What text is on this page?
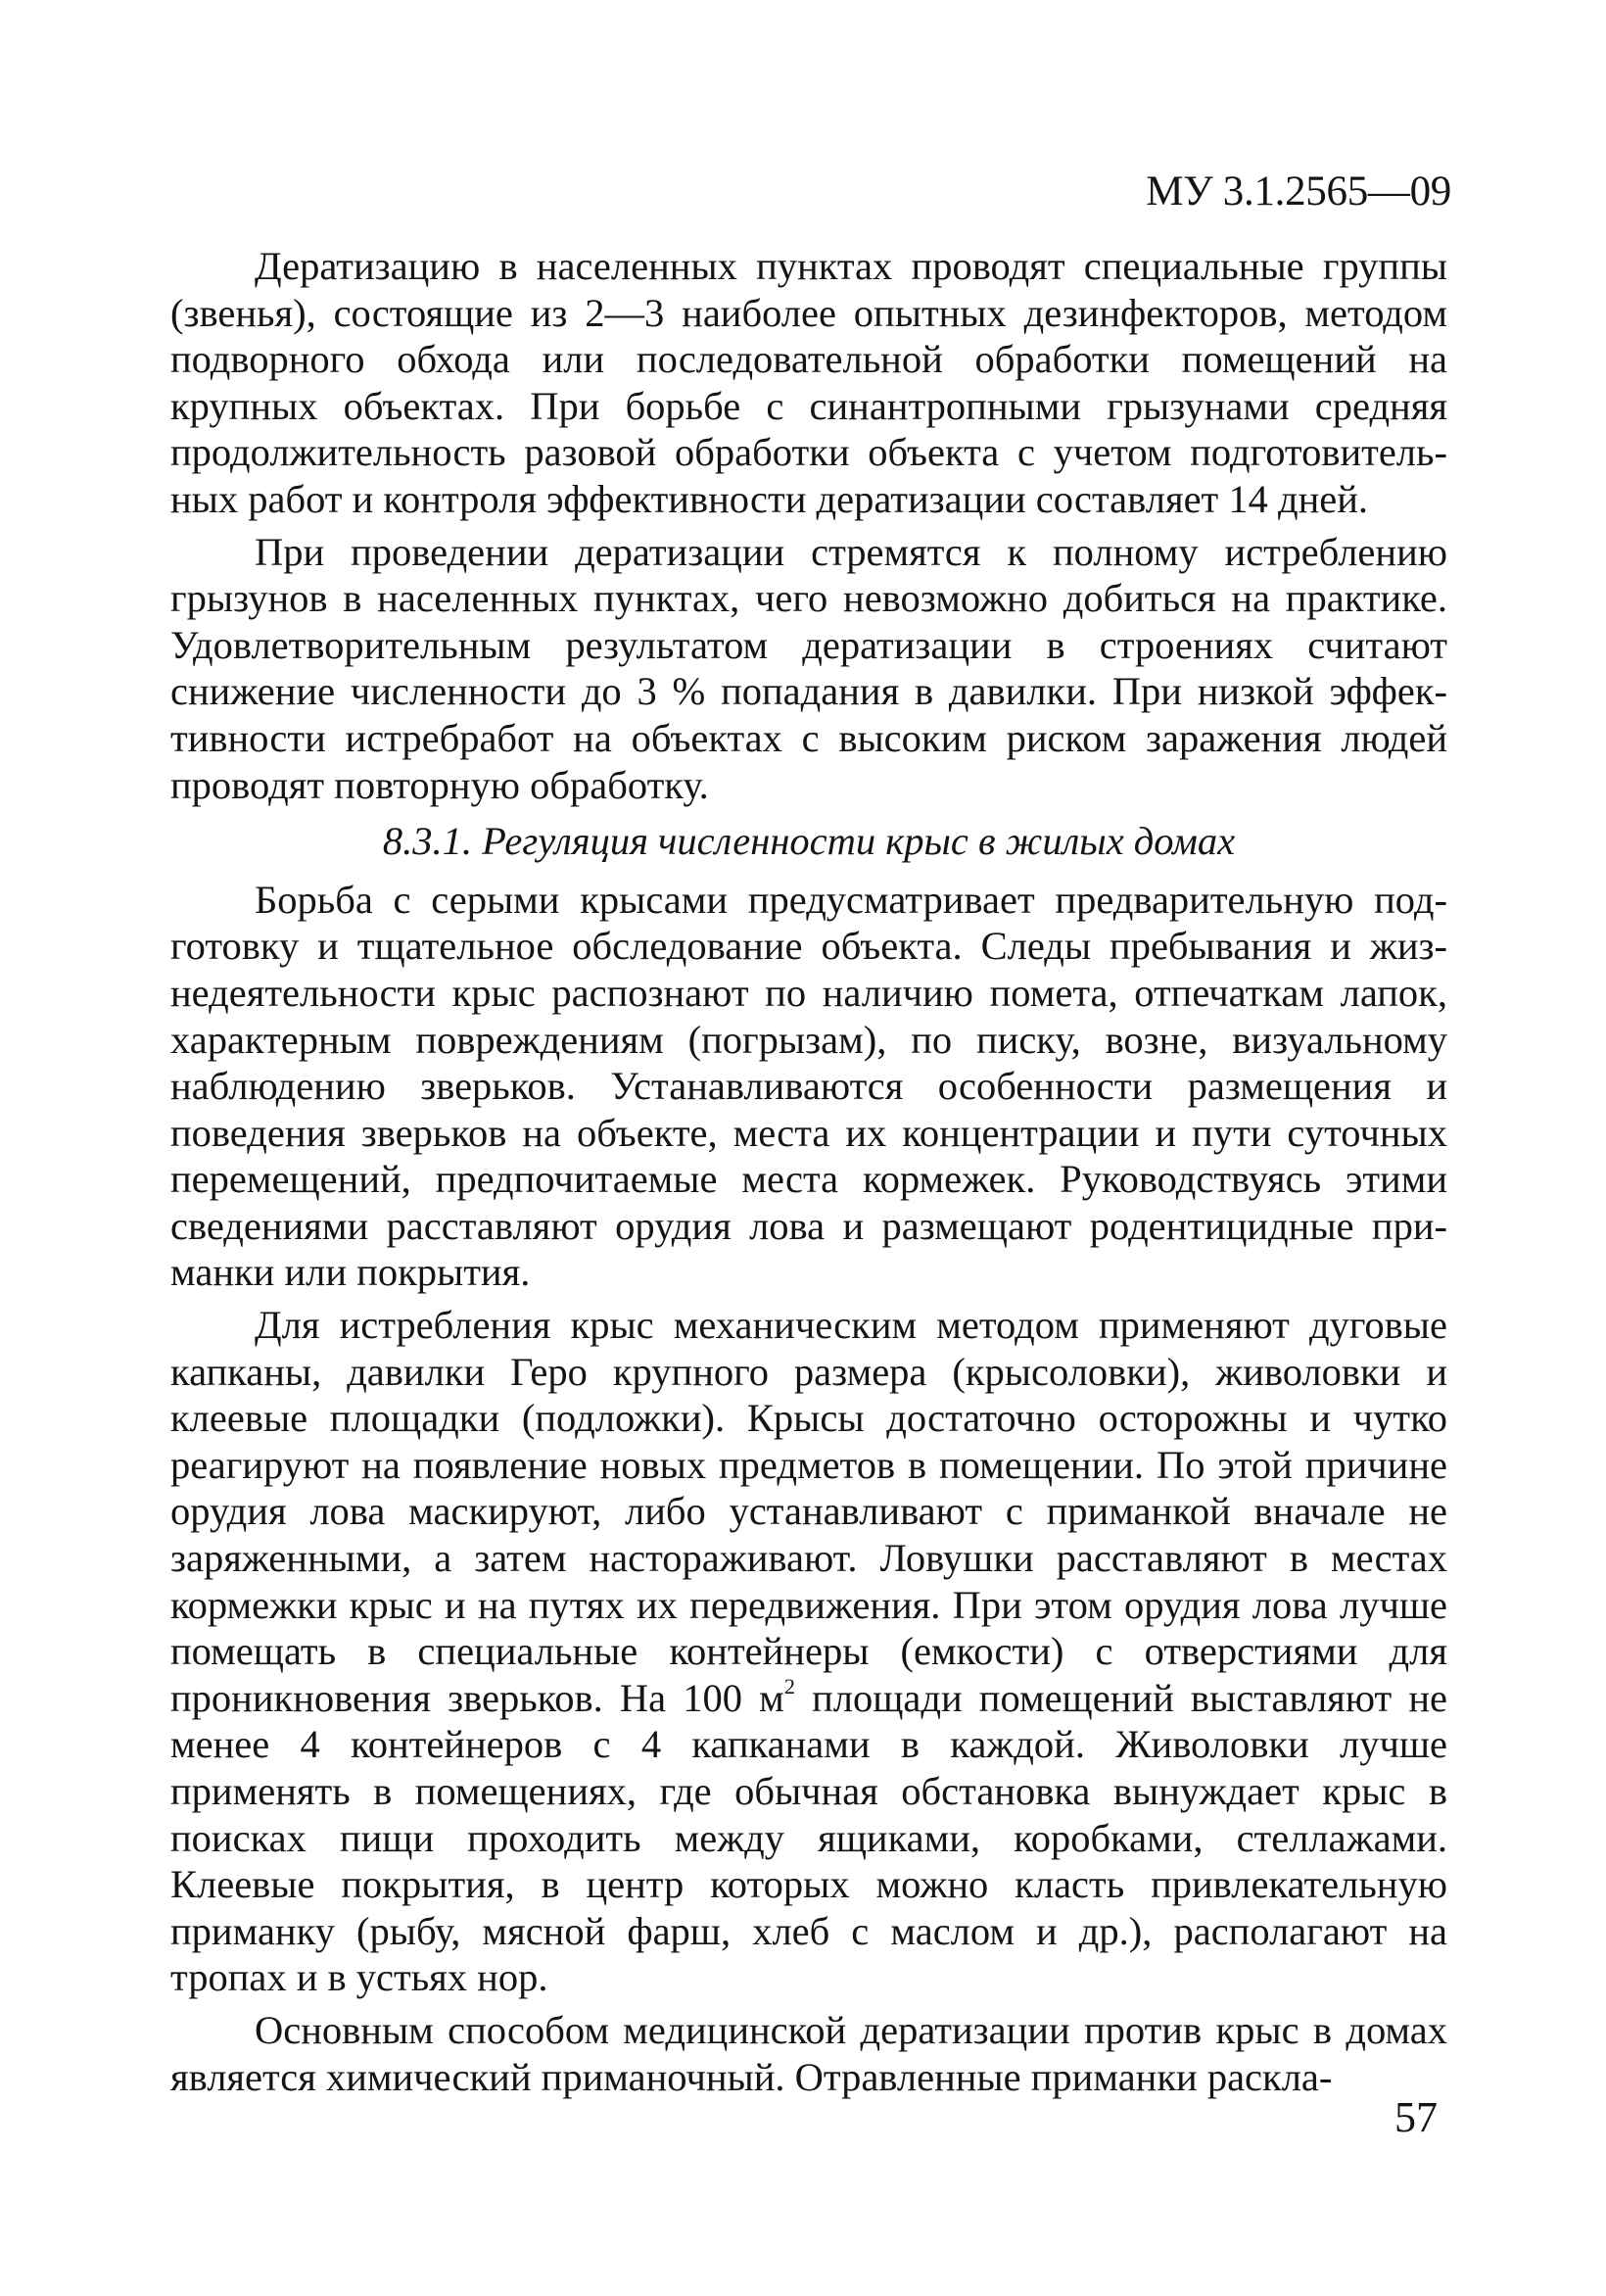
МУ 3.1.2565—09

Дератизацию в населенных пунктах проводят специальные группы (звенья), состоящие из 2—3 наиболее опытных дезинфекторов, методом подворного обхода или последовательной обработки помещений на крупных объектах. При борьбе с синантропными грызунами средняя продолжительность разовой обработки объекта с учетом подготовительных работ и контроля эффективности дератизации составляет 14 дней.

При проведении дератизации стремятся к полному истреблению грызунов в населенных пунктах, чего невозможно добиться на практике. Удовлетворительным результатом дератизации в строениях считают снижение численности до 3 % попадания в давилки. При низкой эффективности истребработ на объектах с высоким риском заражения людей проводят повторную обработку.

8.3.1. Регуляция численности крыс в жилых домах

Борьба с серыми крысами предусматривает предварительную подготовку и тщательное обследование объекта. Следы пребывания и жизнедеятельности крыс распознают по наличию помета, отпечаткам лапок, характерным повреждениям (погрызам), по писку, возне, визуальному наблюдению зверьков. Устанавливаются особенности размещения и поведения зверьков на объекте, места их концентрации и пути суточных перемещений, предпочитаемые места кормежек. Руководствуясь этими сведениями расставляют орудия лова и размещают родентицидные приманки или покрытия.

Для истребления крыс механическим методом применяют дуговые капканы, давилки Геро крупного размера (крысоловки), живоловки и клеевые площадки (подложки). Крысы достаточно осторожны и чутко реагируют на появление новых предметов в помещении. По этой причине орудия лова маскируют, либо устанавливают с приманкой вначале не заряженными, а затем настораживают. Ловушки расставляют в местах кормежки крыс и на путях их передвижения. При этом орудия лова лучше помещать в специальные контейнеры (емкости) с отверстиями для проникновения зверьков. На 100 $м^2$ площади помещений выставляют не менее 4 контейнеров с 4 капканами в каждой. Живоловки лучше применять в помещениях, где обычная обстановка вынуждает крыс в поисках пищи проходить между ящиками, коробками, стеллажами. Клеевые покрытия, в центр которых можно класть привлекательную приманку (рыбу, мясной фарш, хлеб с маслом и др.), располагают на тропах и в устьях нор.

Основным способом медицинской дератизации против крыс в домах является химический приманочный. Отравленные приманки раскла-

57
